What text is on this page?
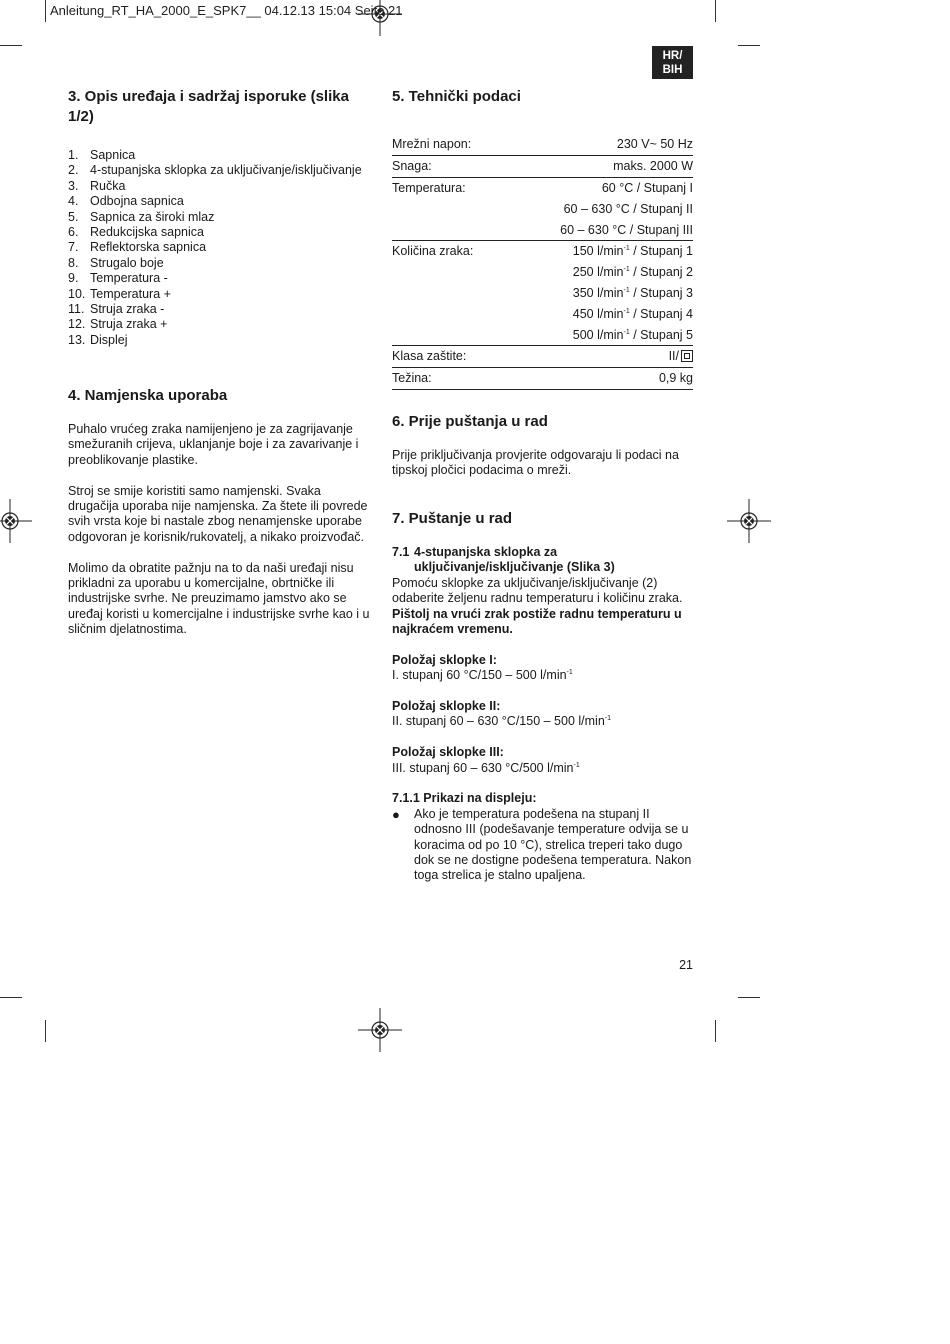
Anleitung_RT_HA_2000_E_SPK7__ 04.12.13 15:04 Seite 21
HR/
BIH
3. Opis uređaja i sadržaj isporuke (slika 1/2)
1. Sapnica
2. 4-stupanjska sklopka za uključivanje/isključivanje
3. Ručka
4. Odbojna sapnica
5. Sapnica za široki mlaz
6. Redukcijska sapnica
7. Reflektorska sapnica
8. Strugalo boje
9. Temperatura -
10. Temperatura +
11. Struja zraka -
12. Struja zraka +
13. Displej
4. Namjenska uporaba

Puhalo vrućeg zraka namijenjeno je za zagrijavanje smežuranih crijeva, uklanjanje boje i za zavarivanje i preoblikovanje plastike.

Stroj se smije koristiti samo namjenski. Svaka drugačija uporaba nije namjenska. Za štete ili povrede svih vrsta koje bi nastale zbog nenamjenske uporabe odgovoran je korisnik/rukovatelj, a nikako proizvođač.

Molimo da obratite pažnju na to da naši uređaji nisu prikladni za uporabu u komercijalne, obrtničke ili industrijske svrhe. Ne preuzimamo jamstvo ako se uređaj koristi u komercijalne i industrijske svrhe kao i u sličnim djelatnostima.

5. Tehnički podaci
Mrežni napon:	230 V~ 50 Hz
Snaga:	maks. 2000 W
Temperatura:	60 °C / Stupanj I
	60 – 630 °C / Stupanj II
	60 – 630 °C / Stupanj III
Količina zraka:	150 $l/\min^{-1}$ / Stupanj 1
	250 $l/\min^{-1}$ / Stupanj 2
	350 $l/\min^{-1}$ / Stupanj 3
	450 $l/\min^{-1}$ / Stupanj 4
	500 $l/\min^{-1}$ / Stupanj 5
Klasa zaštite:	II/
Težina:	0,9 kg
6. Prije puštanja u rad

Prije priključivanja provjerite odgovaraju li podaci na tipskoj pločici podacima o mreži.

7. Puštanje u rad
7.1 4-stupanjska sklopka za uključivanje/isključivanje (Slika 3)

Pomoću sklopke za uključivanje/isključivanje (2) odaberite željenu radnu temperaturu i količinu zraka. Pištolj na vrući zrak postiže radnu temperaturu u najkraćem vremenu.

Položaj sklopke I:

I. stupanj 60 °C/150 – 500 $l/\min^{-1}$

Položaj sklopke II:

II. stupanj 60 – 630 °C/150 – 500 $l/\min^{-1}$

Položaj sklopke III:

III. stupanj 60 – 630 °C/500 $l/\min^{-1}$

7.1.1 Prikazi na displeju:

●	Ako je temperatura podešena na stupanj II odnosno III (podešavanje temperature odvija se u koracima od po 10 °C), strelica treperi tako dugo dok se ne dostigne podešena temperatura. Nakon toga strelica je stalno upaljena.
21
